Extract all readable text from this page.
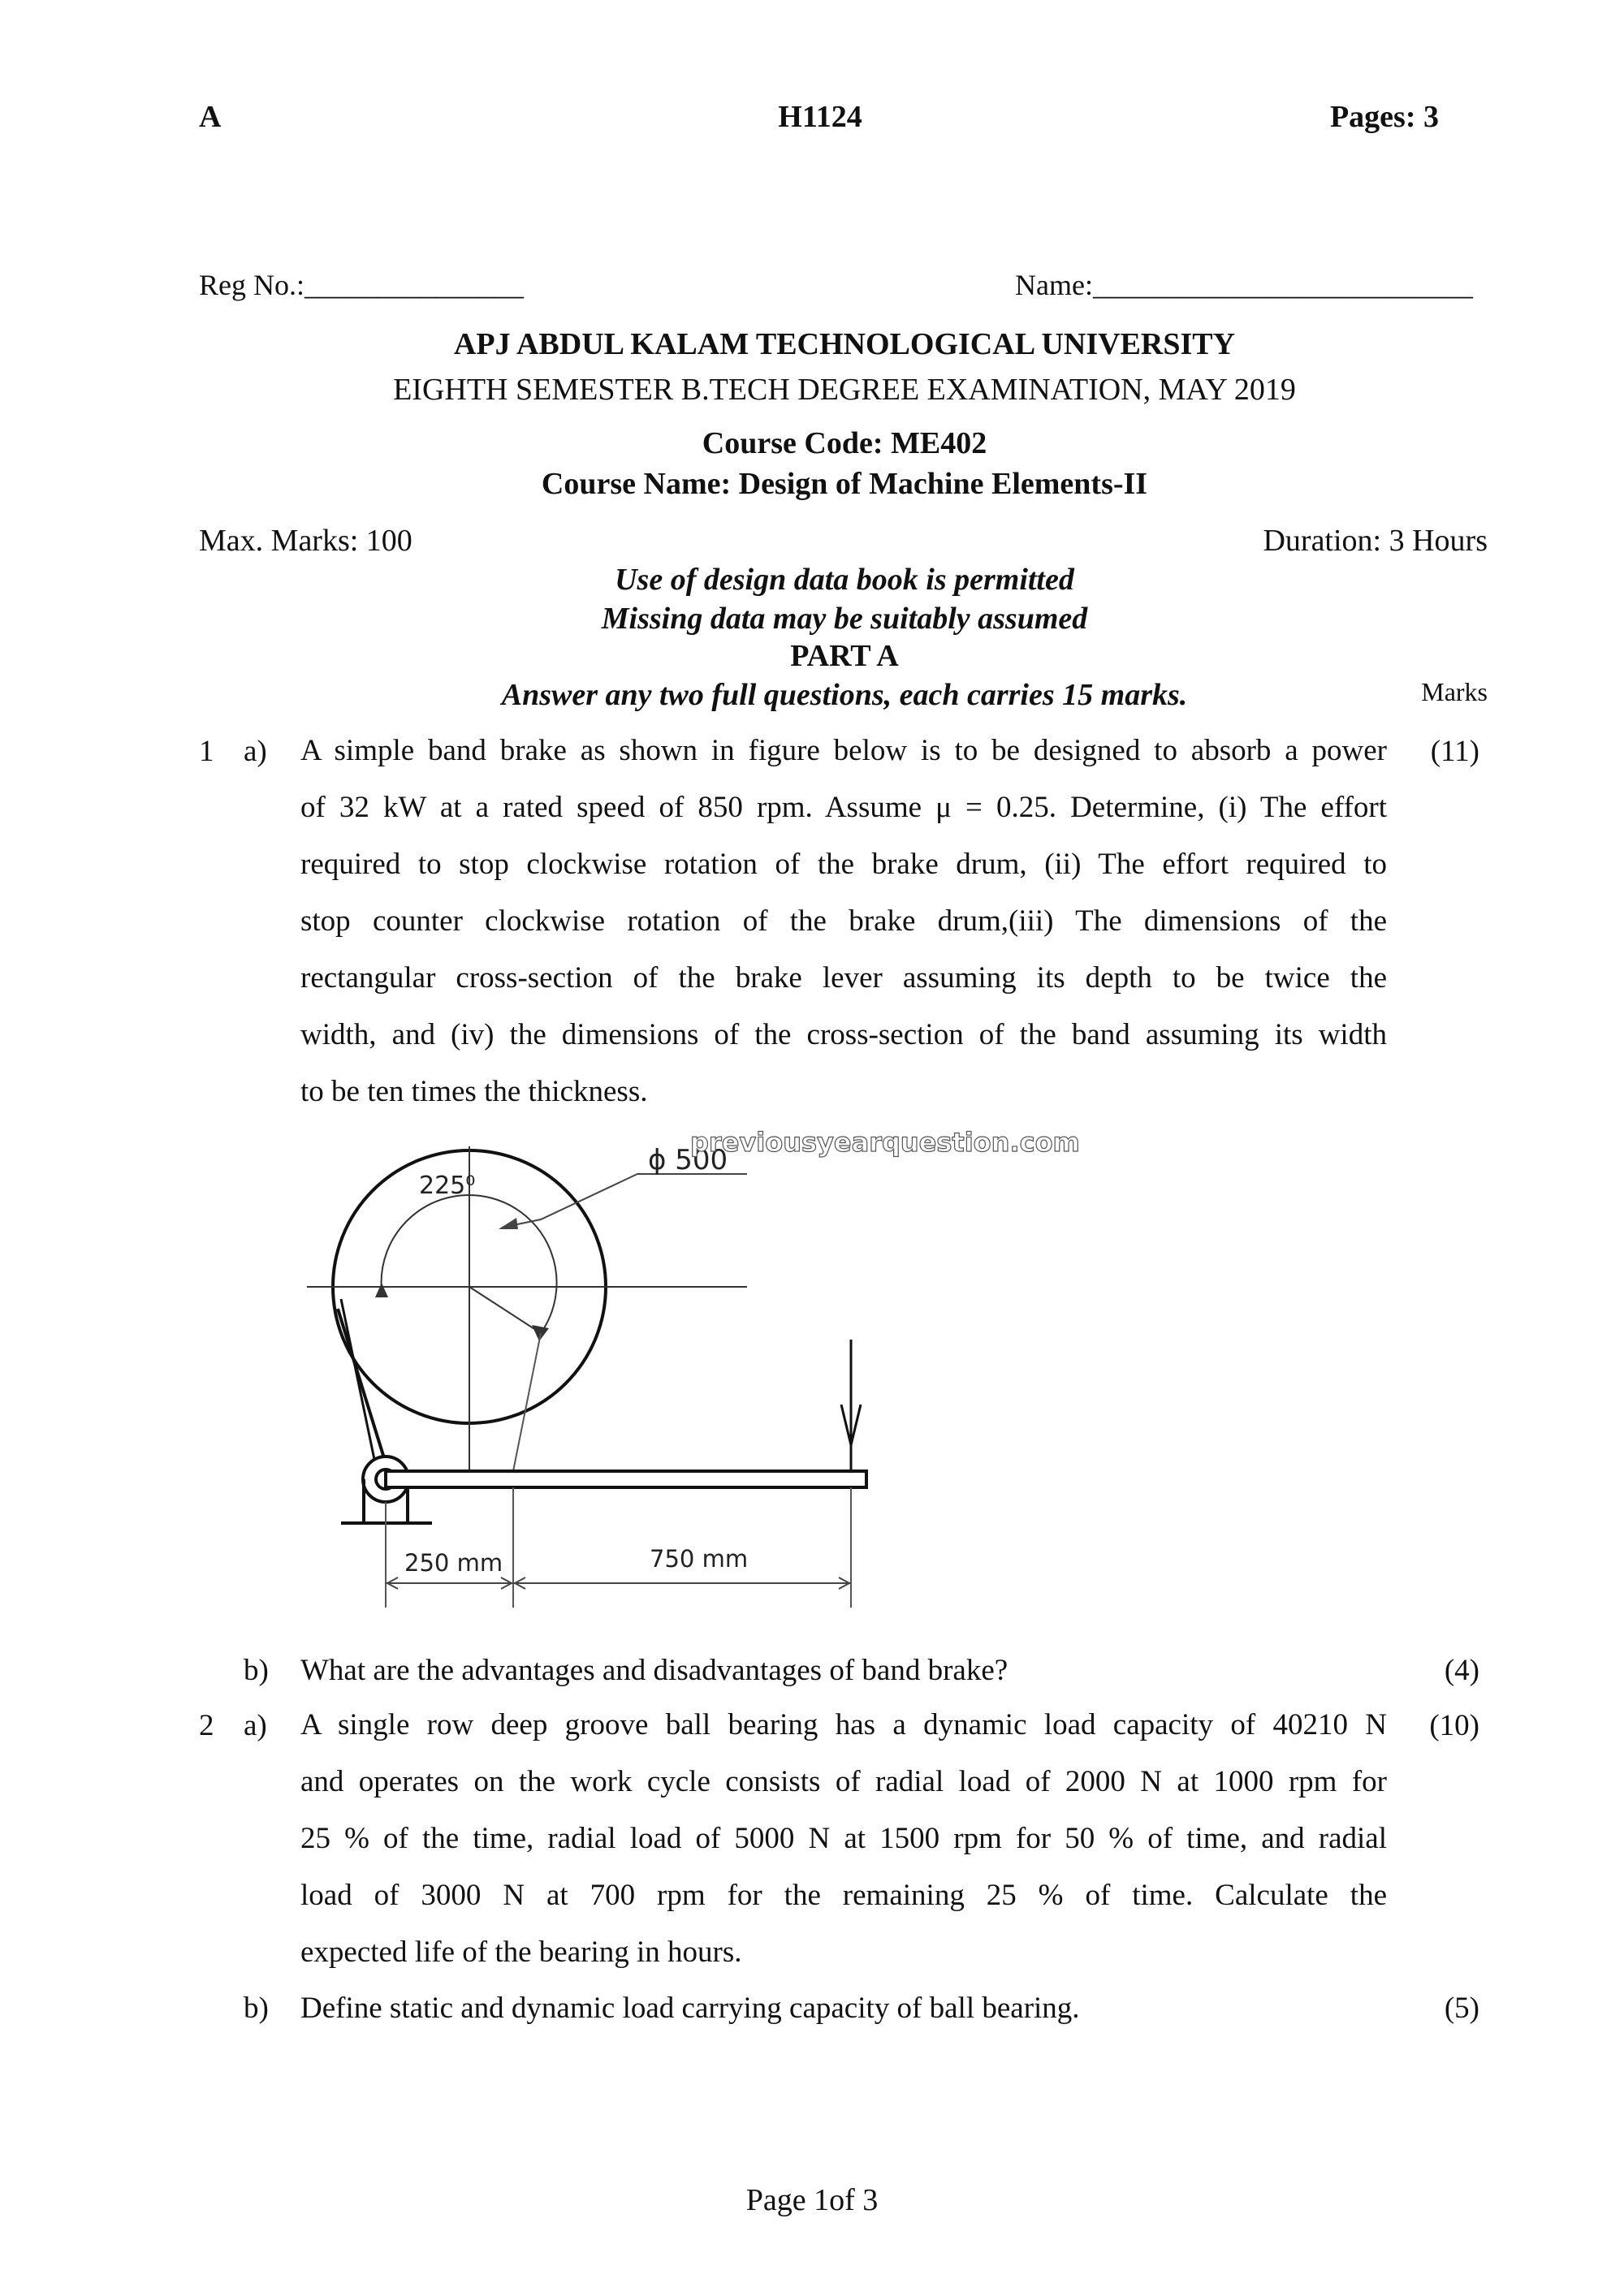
A	H1124	Pages: 3
Reg No.:_______________	Name:__________________________
APJ ABDUL KALAM TECHNOLOGICAL UNIVERSITY
EIGHTH SEMESTER B.TECH DEGREE EXAMINATION, MAY 2019
Course Code: ME402
Course Name: Design of Machine Elements-II
Max. Marks: 100	Duration: 3 Hours
Use of design data book is permitted
Missing data may be suitably assumed
PART A
Answer any two full questions, each carries 15 marks.	Marks
1 a)	(11)
A simple band brake as shown in figure below is to be designed to absorb a power
of 32 kW at a rated speed of 850 rpm. Assume μ = 0.25. Determine, (i) The effort
required to stop clockwise rotation of the brake drum, (ii) The effort required to
stop counter clockwise rotation of the brake drum,(iii) The dimensions of the
rectangular cross-section of the brake lever assuming its depth to be twice the
width, and (iv) the dimensions of the cross-section of the band assuming its width
to be ten times the thickness.
225⁰
ϕ 500
previousyearquestion.com
250 mm	750 mm
b) What are the advantages and disadvantages of band brake?	(4)
2 a)	(10)
A single row deep groove ball bearing has a dynamic load capacity of 40210 N
and operates on the work cycle consists of radial load of 2000 N at 1000 rpm for
25 % of the time, radial load of 5000 N at 1500 rpm for 50 % of time, and radial
load of 3000 N at 700 rpm for the remaining 25 % of time. Calculate the
expected life of the bearing in hours.
b) Define static and dynamic load carrying capacity of ball bearing.	(5)
Page 1of 3
